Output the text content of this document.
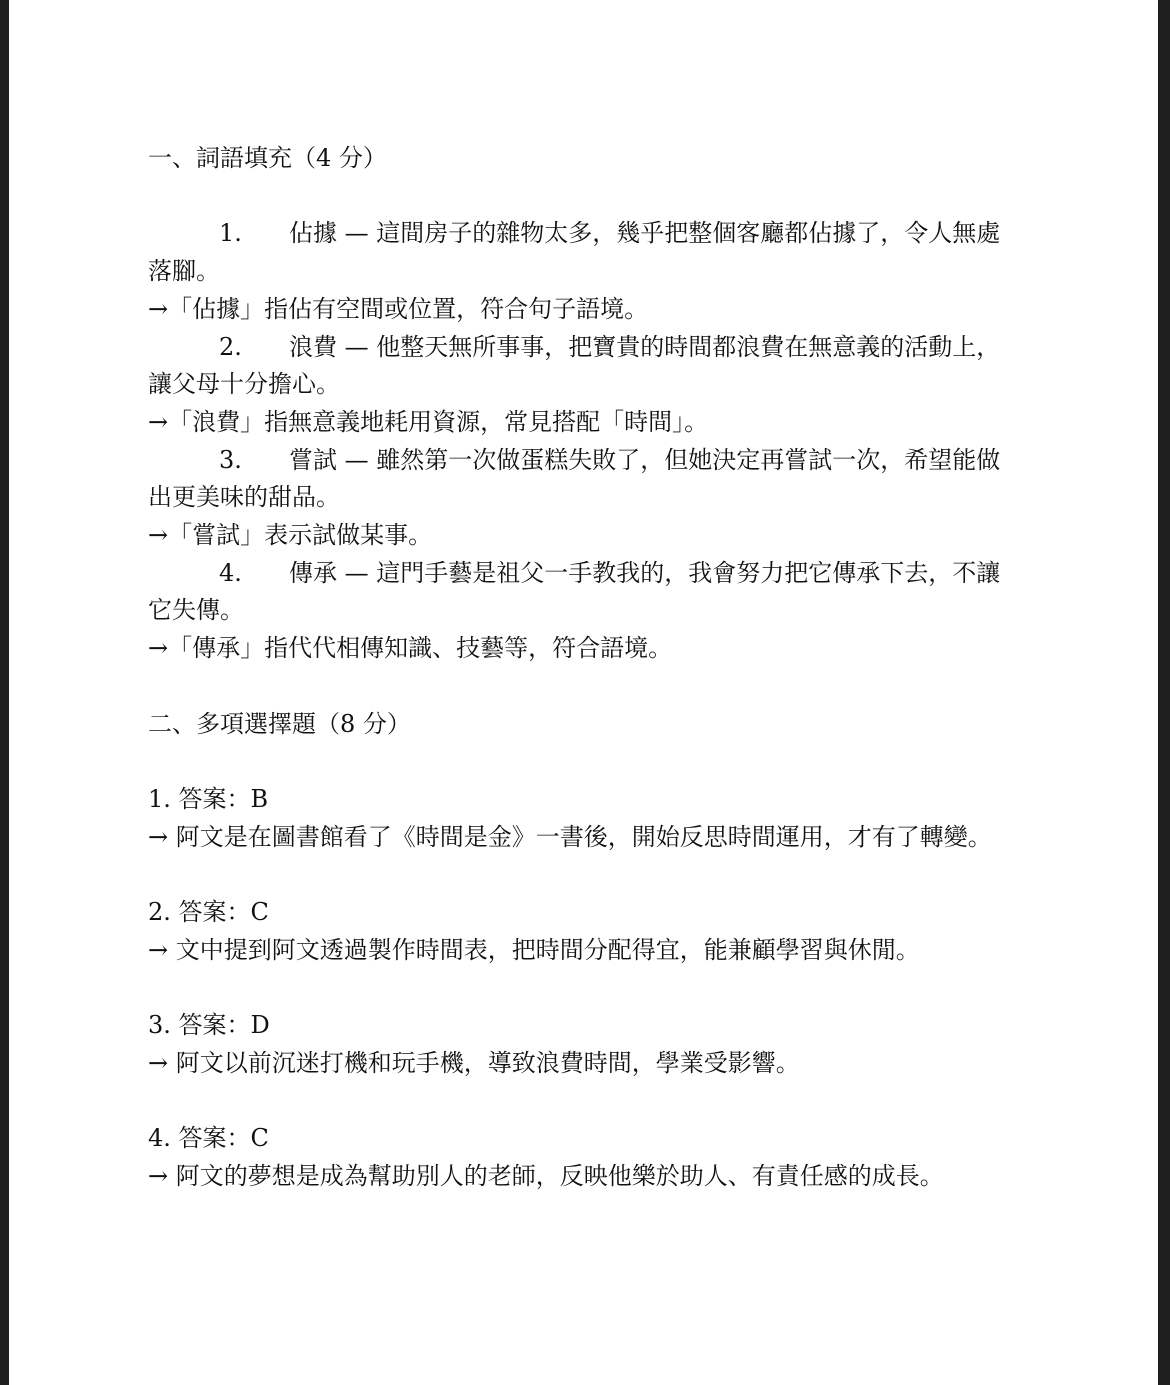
一、詞語填充（4 分）

1. 佔據 — 這間房子的雜物太多，幾乎把整個客廳都佔據了，令人無處落腳。

→「佔據」指佔有空間或位置，符合句子語境。

2. 浪費 — 他整天無所事事，把寶貴的時間都浪費在無意義的活動上，讓父母十分擔心。

→「浪費」指無意義地耗用資源，常見搭配「時間」。

3. 嘗試 — 雖然第一次做蛋糕失敗了，但她決定再嘗試一次，希望能做出更美味的甜品。

→「嘗試」表示試做某事。

4. 傳承 — 這門手藝是祖父一手教我的，我會努力把它傳承下去，不讓它失傳。

→「傳承」指代代相傳知識、技藝等，符合語境。

二、多項選擇題（8 分）

1. 答案：B

→ 阿文是在圖書館看了《時間是金》一書後，開始反思時間運用，才有了轉變。

2. 答案：C

→ 文中提到阿文透過製作時間表，把時間分配得宜，能兼顧學習與休閒。

3. 答案：D

→ 阿文以前沉迷打機和玩手機，導致浪費時間，學業受影響。

4. 答案：C

→ 阿文的夢想是成為幫助別人的老師，反映他樂於助人、有責任感的成長。
